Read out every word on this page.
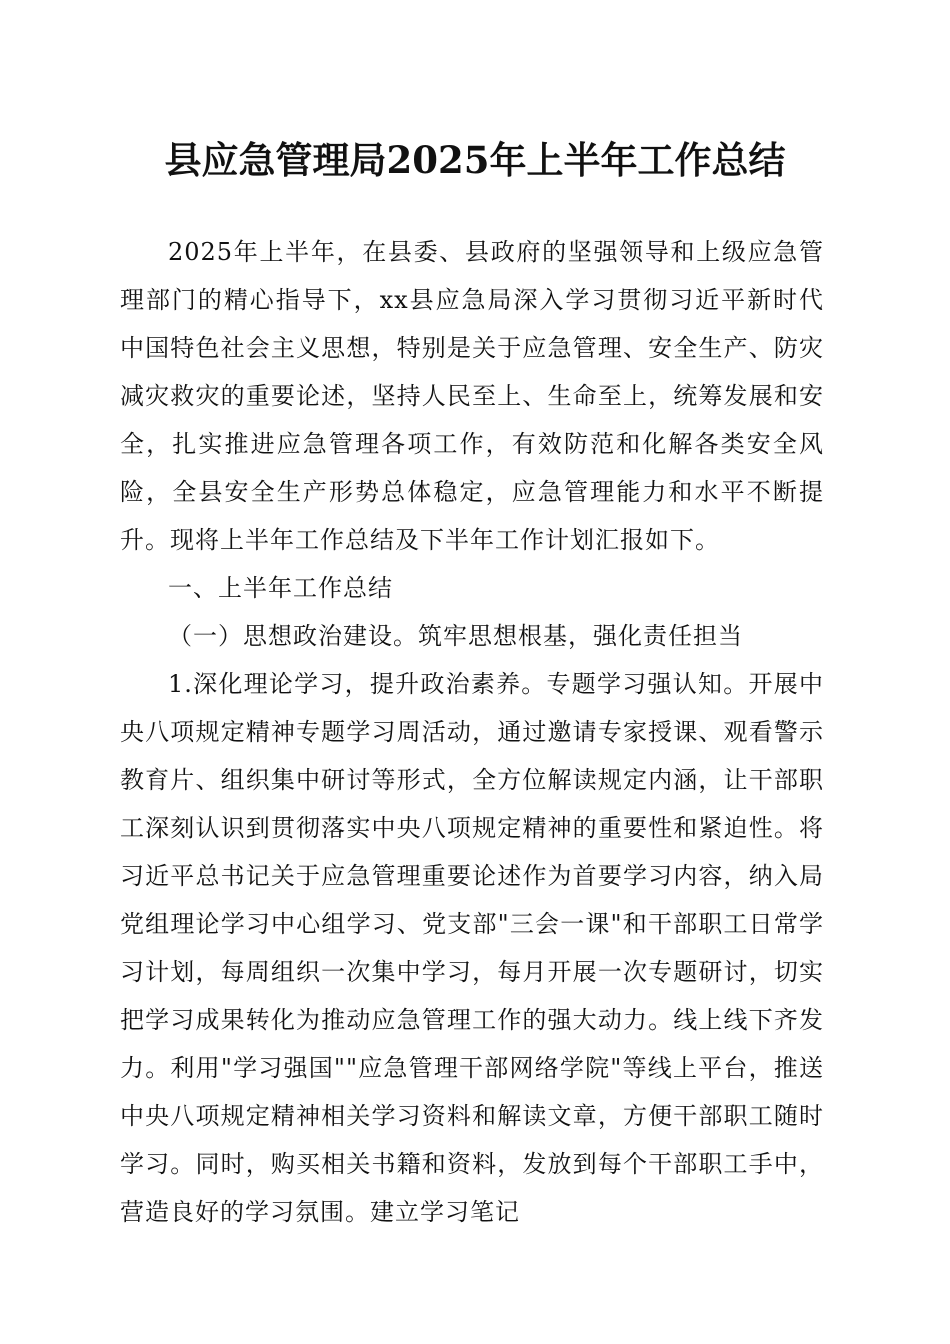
县应急管理局2025年上半年工作总结

2025年上半年，在县委、县政府的坚强领导和上级应急管理部门的精心指导下，xx县应急局深入学习贯彻习近平新时代中国特色社会主义思想，特别是关于应急管理、安全生产、防灾减灾救灾的重要论述，坚持人民至上、生命至上，统筹发展和安全，扎实推进应急管理各项工作，有效防范和化解各类安全风险，全县安全生产形势总体稳定，应急管理能力和水平不断提升。现将上半年工作总结及下半年工作计划汇报如下。

一、上半年工作总结

（一）思想政治建设。筑牢思想根基，强化责任担当

1.深化理论学习，提升政治素养。专题学习强认知。开展中央八项规定精神专题学习周活动，通过邀请专家授课、观看警示教育片、组织集中研讨等形式，全方位解读规定内涵，让干部职工深刻认识到贯彻落实中央八项规定精神的重要性和紧迫性。将习近平总书记关于应急管理重要论述作为首要学习内容，纳入局党组理论学习中心组学习、党支部"三会一课"和干部职工日常学习计划，每周组织一次集中学习，每月开展一次专题研讨，切实把学习成果转化为推动应急管理工作的强大动力。线上线下齐发力。利用"学习强国""应急管理干部网络学院"等线上平台，推送中央八项规定精神相关学习资料和解读文章，方便干部职工随时学习。同时，购买相关书籍和资料，发放到每个干部职工手中，营造良好的学习氛围。建立学习笔记
